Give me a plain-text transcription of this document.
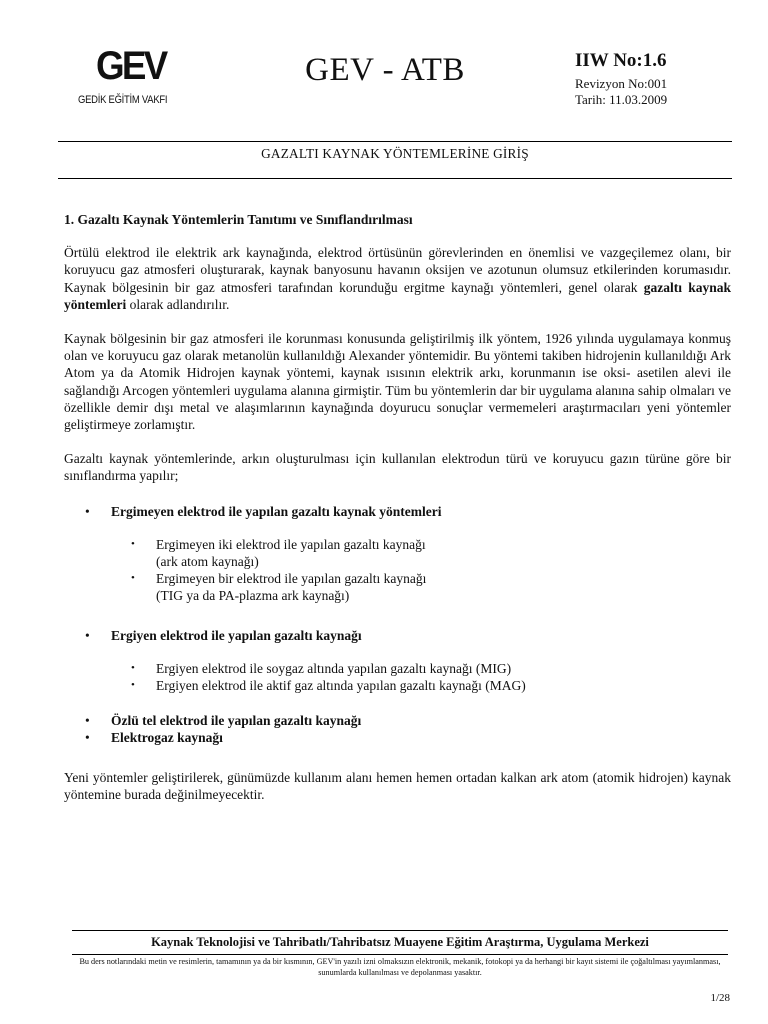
GEV
GEDİK EĞİTİM VAKFI
GEV - ATB	IIW No:1.6
Revizyon No:001
Tarih: 11.03.2009
GAZALTI KAYNAK YÖNTEMLERİNE GİRİŞ
1. Gazaltı Kaynak Yöntemlerin Tanıtımı ve Sınıflandırılması

Örtülü elektrod ile elektrik ark kaynağında, elektrod örtüsünün görevlerinden en önemlisi ve vazgeçilemez olanı, bir koruyucu gaz atmosferi oluşturarak, kaynak banyosunu havanın oksijen ve azotunun olumsuz etkilerinden korumasıdır. Kaynak bölgesinin bir gaz atmosferi tarafından korunduğu ergitme kaynağı yöntemleri, genel olarak gazaltı kaynak yöntemleri olarak adlandırılır.

Kaynak bölgesinin bir gaz atmosferi ile korunması konusunda geliştirilmiş ilk yöntem, 1926 yılında uygulamaya konmuş olan ve koruyucu gaz olarak metanolün kullanıldığı Alexander yöntemidir. Bu yöntemi takiben hidrojenin kullanıldığı Ark Atom ya da Atomik Hidrojen kaynak yöntemi, kaynak ısısının elektrik arkı, korunmanın ise oksi- asetilen alevi ile sağlandığı Arcogen yöntemleri uygulama alanına girmiştir. Tüm bu yöntemlerin dar bir uygulama alanına sahip olmaları ve özellikle demir dışı metal ve alaşımlarının kaynağında doyurucu sonuçlar vermemeleri araştırmacıları yeni yöntemler geliştirmeye zorlamıştır.

Gazaltı kaynak yöntemlerinde, arkın oluşturulması için kullanılan elektrodun türü ve koruyucu gazın türüne göre bir sınıflandırma yapılır;

• Ergimeyen elektrod ile yapılan gazaltı kaynak yöntemleri
• Ergimeyen iki elektrod ile yapılan gazaltı kaynağı
(ark atom kaynağı)
• Ergimeyen bir elektrod ile yapılan gazaltı kaynağı
(TIG ya da PA-plazma ark kaynağı)
• Ergiyen elektrod ile yapılan gazaltı kaynağı
• Ergiyen elektrod ile soygaz altında yapılan gazaltı kaynağı (MIG)
• Ergiyen elektrod ile aktif gaz altında yapılan gazaltı kaynağı (MAG)
• Özlü tel elektrod ile yapılan gazaltı kaynağı
• Elektrogaz kaynağı

Yeni yöntemler geliştirilerek, günümüzde kullanım alanı hemen hemen ortadan kalkan ark atom (atomik hidrojen) kaynak yöntemine burada değinilmeyecektir.

Kaynak Teknolojisi ve Tahribatlı/Tahribatsız Muayene Eğitim Araştırma, Uygulama Merkezi
Bu ders notlarındaki metin ve resimlerin, tamamının ya da bir kısmının, GEV'in yazılı izni olmaksızın elektronik, mekanik, fotokopi ya da herhangi bir kayıt sistemi ile çoğaltılması yayımlanması, sunumlarda kullanılması ve depolanması yasaktır.
1/28
